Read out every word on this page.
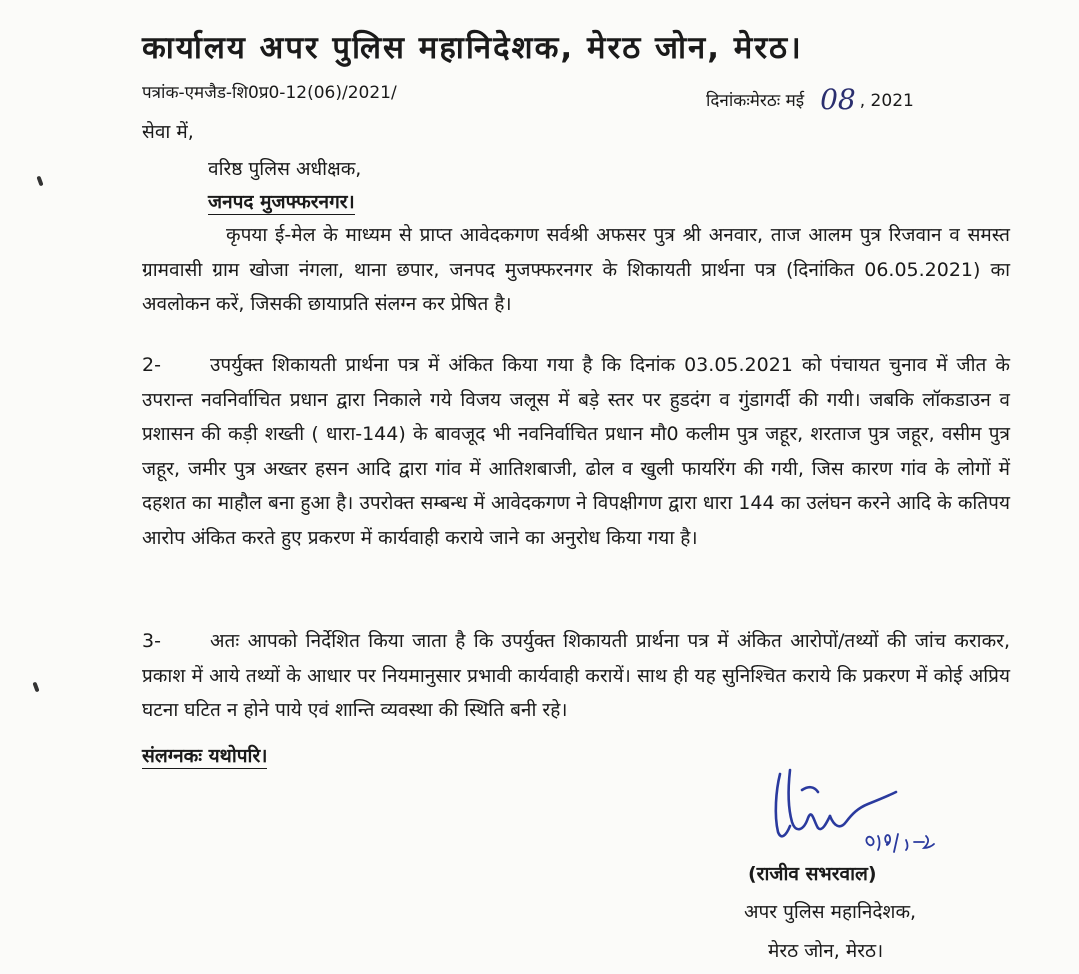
कार्यालय अपर पुलिस महानिदेशक, मेरठ जोन, मेरठ।
पत्रांक-एमजैड-शि0प्र0-12(06)/2021/	दिनांकःमेरठः मई 08 , 2021
सेवा में,
वरिष्ठ पुलिस अधीक्षक,
जनपद मुजफ्फरनगर।
कृपया ई-मेल के माध्यम से प्राप्त आवेदकगण सर्वश्री अफसर पुत्र श्री अनवार, ताज आलम पुत्र रिजवान व समस्त ग्रामवासी ग्राम खोजा नंगला, थाना छपार, जनपद मुजफ्फरनगर के शिकायती प्रार्थना पत्र (दिनांकित 06.05.2021) का अवलोकन करें, जिसकी छायाप्रति संलग्न कर प्रेषित है।
2-	उपर्युक्त शिकायती प्रार्थना पत्र में अंकित किया गया है कि दिनांक 03.05.2021 को पंचायत चुनाव में जीत के उपरान्त नवनिर्वाचित प्रधान द्वारा निकाले गये विजय जलूस में बड़े स्तर पर हुडदंग व गुंडागर्दी की गयी। जबकि लॉकडाउन व प्रशासन की कड़ी शख्ती ( धारा-144) के बावजूद भी नवनिर्वाचित प्रधान मौ0 कलीम पुत्र जहूर, शरताज पुत्र जहूर, वसीम पुत्र जहूर, जमीर पुत्र अख्तर हसन आदि द्वारा गांव में आतिशबाजी, ढोल व खुली फायरिंग की गयी, जिस कारण गांव के लोगों में दहशत का माहौल बना हुआ है। उपरोक्त सम्बन्ध में आवेदकगण ने विपक्षीगण द्वारा धारा 144 का उलंघन करने आदि के कतिपय आरोप अंकित करते हुए प्रकरण में कार्यवाही कराये जाने का अनुरोध किया गया है।
3-	अतः आपको निर्देशित किया जाता है कि उपर्युक्त शिकायती प्रार्थना पत्र में अंकित आरोपों/तथ्यों की जांच कराकर, प्रकाश में आये तथ्यों के आधार पर नियमानुसार प्रभावी कार्यवाही करायें। साथ ही यह सुनिश्चित कराये कि प्रकरण में कोई अप्रिय घटना घटित न होने पाये एवं शान्ति व्यवस्था की स्थिति बनी रहे।
संलग्नकः यथोपरि।
(राजीव सभरवाल)
अपर पुलिस महानिदेशक,
मेरठ जोन, मेरठ।
